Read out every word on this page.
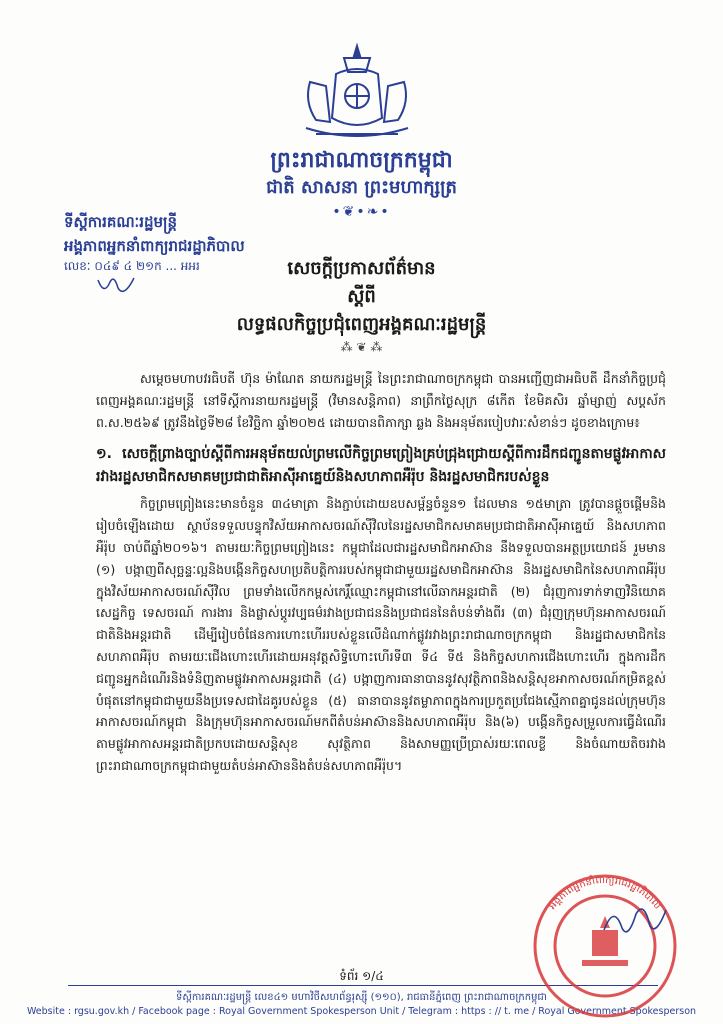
ព្រះរាជាណាចក្រកម្ពុជា
ជាតិ សាសនា ព្រះមហាក្សត្រ
•❦•❧•
ទីស្តីការគណៈរដ្ឋមន្ត្រី
អង្គភាពអ្នកនាំពាក្យរាជរដ្ឋាភិបាល
លេខៈ ០៤៩ ៤ ២១ក ... អអរ	សេចក្តីប្រកាសព័ត៌មាន
ស្តីពី
លទ្ធផលកិច្ចប្រជុំពេញអង្គគណៈរដ្ឋមន្ត្រី
⁂ ❦ ⁂

សម្តេចមហាបវរធិបតី ហ៊ុន ម៉ាណែត នាយករដ្ឋមន្ត្រី នៃព្រះរាជាណាចក្រកម្ពុជា បានអញ្ជើញជាអធិបតី ដឹកនាំកិច្ចប្រជុំពេញអង្គគណៈរដ្ឋមន្ត្រី នៅទីស្តីការនាយករដ្ឋមន្ត្រី (វិមានសន្តិភាព) នាព្រឹកថ្ងៃសុក្រ ៨កើត ខែមិគសិរ ឆ្នាំម្សាញ់ សប្តស័ក ព.ស.២៥៦៩ ត្រូវនឹងថ្ងៃទី២៨ ខែវិច្ឆិកា ឆ្នាំ២០២៥ ដោយបានពិភាក្សា ឆ្លង និងអនុម័តរបៀបវារៈសំខាន់ៗ ដូចខាងក្រោម៖

១. សេចក្តីព្រាងច្បាប់ស្តីពីការអនុម័តយល់ព្រមលើកិច្ចព្រមព្រៀងគ្រប់ជ្រុងជ្រោយស្តីពីការដឹកជញ្ជូនតាមផ្លូវអាកាសរវាងរដ្ឋសមាជិកសមាគមប្រជាជាតិអាស៊ីអាគ្នេយ៍និងសហភាពអឺរ៉ុប និងរដ្ឋសមាជិករបស់ខ្លួន

កិច្ចព្រមព្រៀងនេះមានចំនួន ៣៤មាត្រា និងភ្ជាប់ដោយឧបសម្ព័ន្ធចំនួន១ ដែលមាន ១៥មាត្រា ត្រូវបានផ្តួចផ្តើមនិងរៀបចំឡើងដោយ ស្ថាប័នទទួលបន្ទុកវិស័យអាកាសចរណ៍ស៊ីវិលនៃរដ្ឋសមាជិកសមាគមប្រជាជាតិអាស៊ីអាគ្នេយ៍ និងសហភាពអឺរ៉ុប ចាប់ពីឆ្នាំ២០១៦។ តាមរយៈកិច្ចព្រមព្រៀងនេះ កម្ពុជាដែលជារដ្ឋសមាជិកអាស៊ាន នឹងទទួលបានអត្ថប្រយោជន៍ រួមមាន (១) បង្កាញពីសុច្ឆន្ទៈល្អនិងបង្កើនកិច្ចសហប្រតិបត្តិការរបស់កម្ពុជាជាមួយរដ្ឋសមាជិកអាស៊ាន និងរដ្ឋសមាជិកនៃសហភាពអឺរ៉ុបក្នុងវិស័យអាកាសចរណ៍ស៊ីវិល ព្រមទាំងលើកកម្ពស់កេរ្តិ៍ឈ្មោះកម្ពុជានៅលើឆាកអន្តរជាតិ (២) ជំរុញការទាក់ទាញវិនិយោគ សេដ្ឋកិច្ច ទេសចរណ៍ ការងារ និងផ្លាស់ប្តូរវប្បធម៌រវាងប្រជាជននិងប្រជាជននៃតំបន់ទាំងពីរ (៣) ជំរុញក្រុមហ៊ុនអាកាសចរណ៍ជាតិនិងអន្តរជាតិ ដើម្បីរៀបចំផែនការហោះហើររបស់ខ្លួនលើដំណាក់ផ្លូវរវាងព្រះរាជាណាចក្រកម្ពុជា និងរដ្ឋជាសមាជិកនៃសហភាពអឺរ៉ុប តាមរយៈជើងហោះហើរដោយអនុវត្តសិទ្ធិហោះហើរទី៣ ទី៤ ទី៥ និងកិច្ចសហការជើងហោះហើរ ក្នុងការដឹកជញ្ជូនអ្នកដំណើរនិងទំនិញតាមផ្លូវអាកាសអន្តរជាតិ (៤) បង្កាញការធានាបាននូវសុវត្ថិភាពនិងសន្តិសុខអាកាសចរណ៍កម្រិតខ្ពស់បំផុតនៅកម្ពុជាជាមួយនឹងប្រទេសជាដៃគូរបស់ខ្លួន (៥) ធានាបាននូវតម្លាភាពក្នុងការប្រកួតប្រជែងស្មើភាពគ្នាជូនដល់ក្រុមហ៊ុនអាកាសចរណ៍កម្ពុជា និងក្រុមហ៊ុនអាកាសចរណ៍មកពីតំបន់អាស៊ាននិងសហភាពអឺរ៉ុប និង(៦) បង្កើនកិច្ចសម្រួលការធ្វើដំណើរតាមផ្លូវអាកាសអន្តរជាតិប្រកបដោយសន្តិសុខ សុវត្ថិភាព និងសាមញ្ញប្រើប្រាស់រយៈពេលខ្លី និងចំណាយតិចរវាងព្រះរាជាណាចក្រកម្ពុជាជាមួយតំបន់អាស៊ាននិងតំបន់សហភាពអឺរ៉ុប។

ទំព័រ ១/៤
ទីស្តីការគណៈរដ្ឋមន្ត្រី លេខ៤១ មហាវិថីសហព័ន្ធរុស្ស៊ី (១១០), រាជធានីភ្នំពេញ ព្រះរាជាណាចក្រកម្ពុជា
Website : rgsu.gov.kh / Facebook page : Royal Government Spokesperson Unit / Telegram : https : // t. me / Royal Government Spokesperson
អង្គភាពអ្នកនាំពាក្យរាជរដ្ឋាភិបាល
